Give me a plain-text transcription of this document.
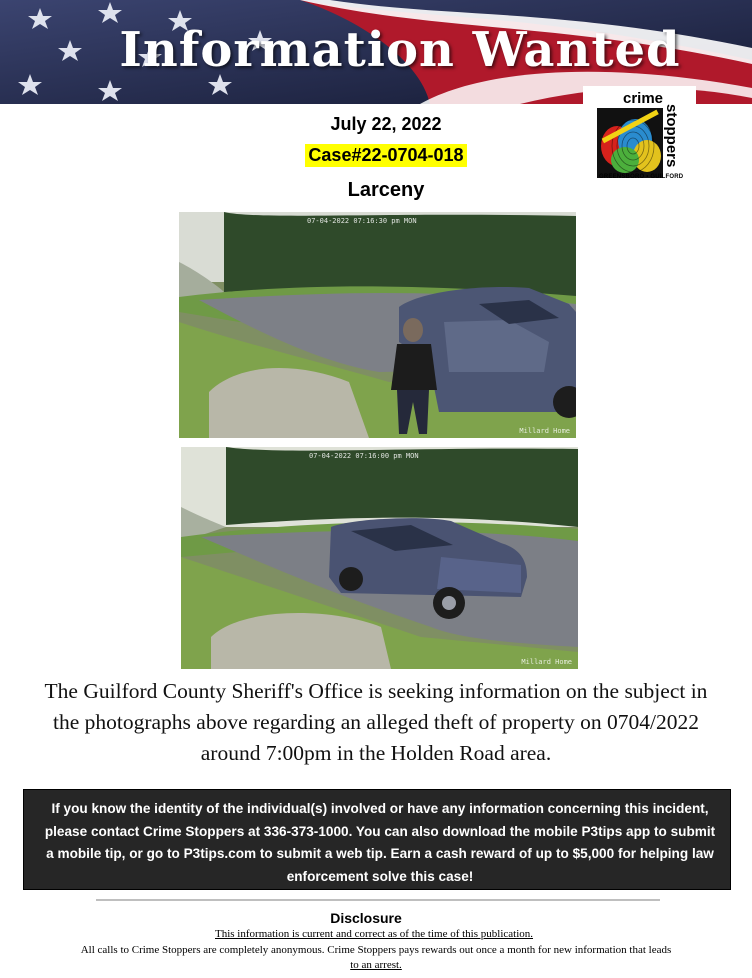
Information Wanted
crime
stoppers
GREENSBORO • GUILFORD
July 22, 2022
Case#22-0704-018
Larceny
07-04-2022 07:16:30 pm MON
Millard Home
07-04-2022 07:16:00 pm MON
Millard Home
The Guilford County Sheriff's Office is seeking information on the subject in the photographs above regarding an alleged theft of property on 0704/2022 around 7:00pm in the Holden Road area.
If you know the identity of the individual(s) involved or have any information concerning this incident, please contact Crime Stoppers at 336-373-1000. You can also download the mobile P3tips app to submit a mobile tip, or go to P3tips.com to submit a web tip. Earn a cash reward of up to $5,000 for helping law enforcement solve this case!
Disclosure
This information is current and correct as of the time of this publication.
All calls to Crime Stoppers are completely anonymous. Crime Stoppers pays rewards out once a month for new information that leads
to an arrest.
